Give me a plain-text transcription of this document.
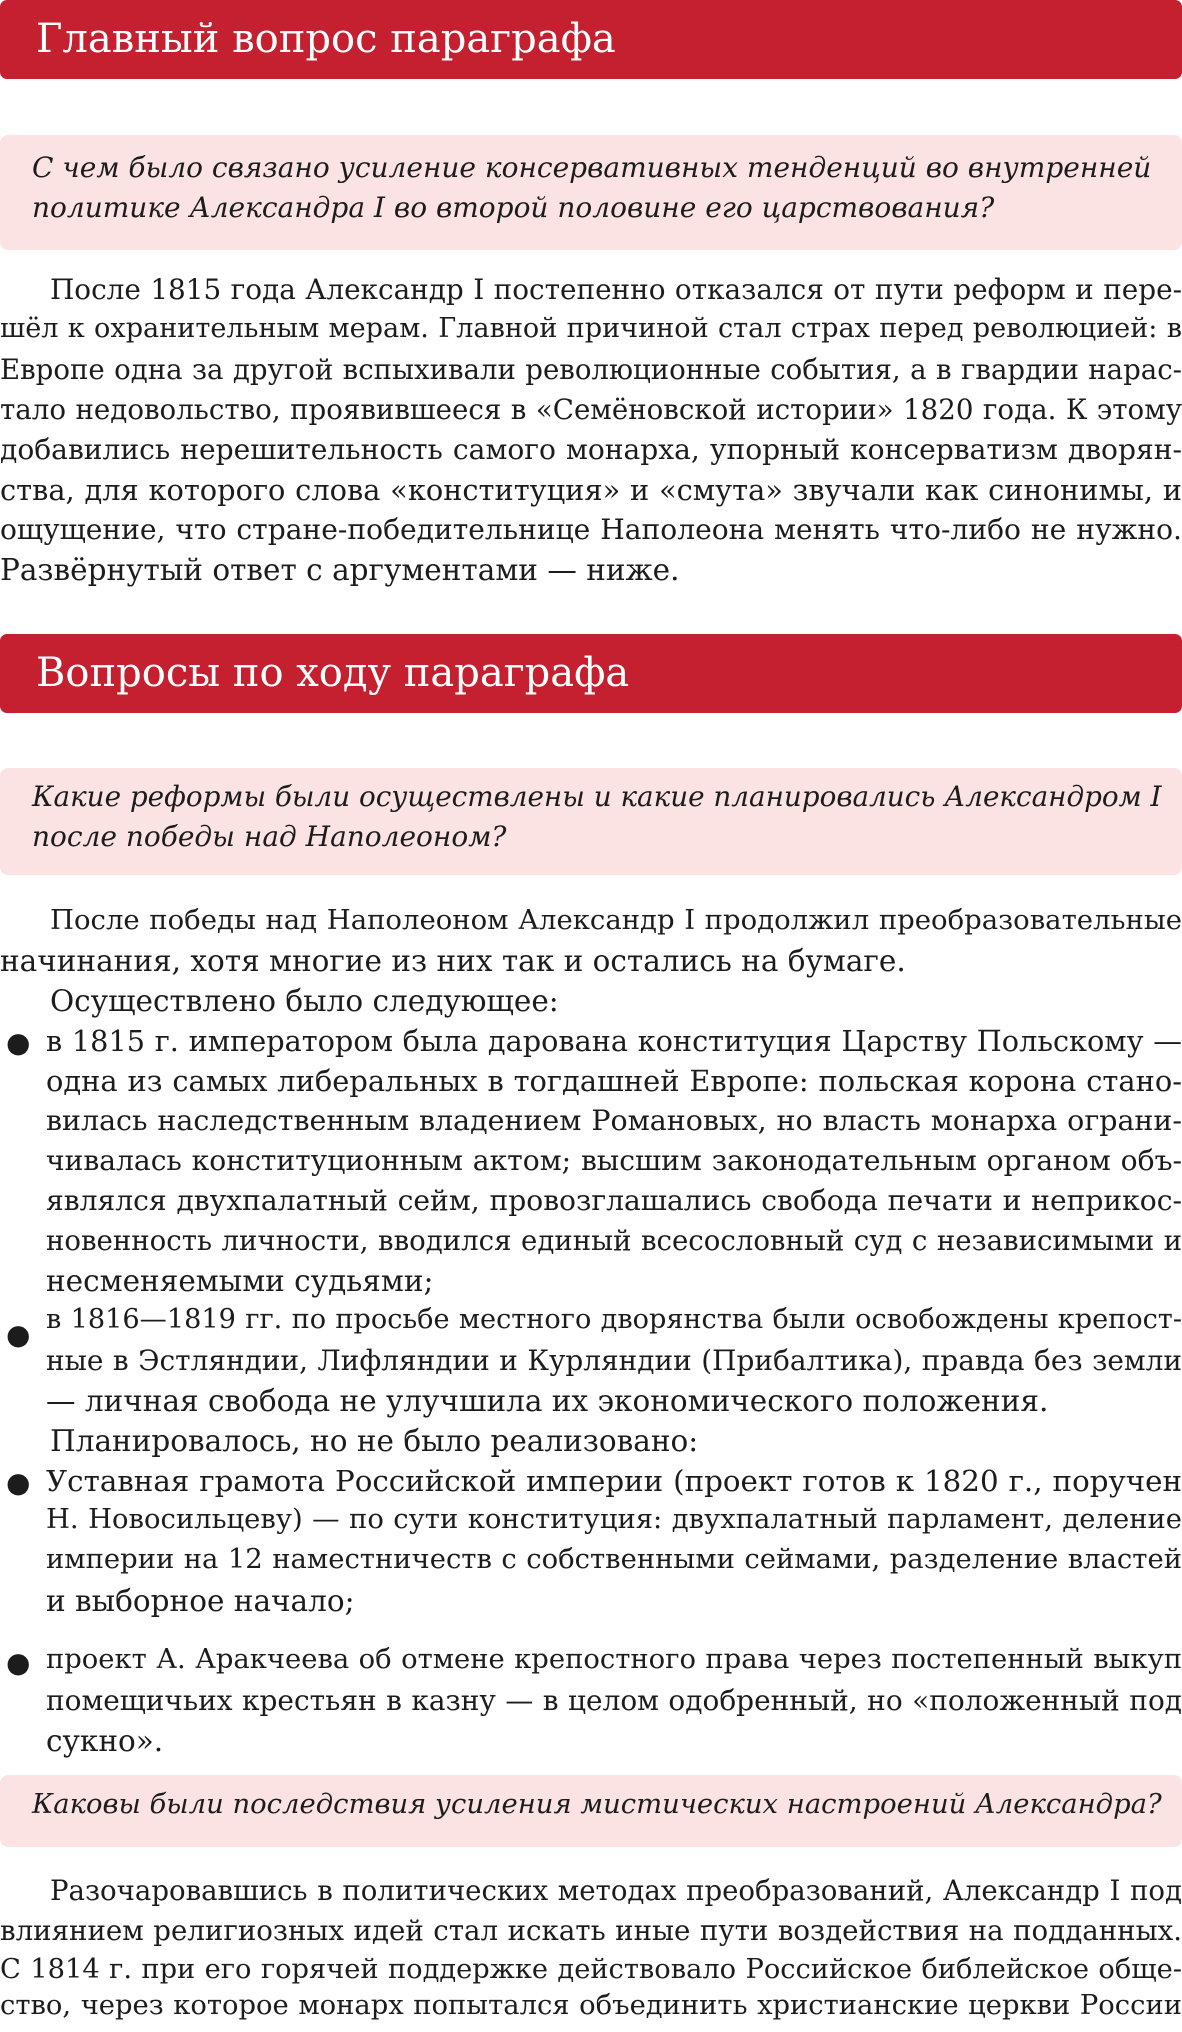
Главный вопрос параграфа
С чем было связано усиление консервативных тенденций во внутренней
политике Александра I во второй половине его царствования?
После 1815 года Александр I постепенно отказался от пути реформ и пере-
шёл к охранительным мерам. Главной причиной стал страх перед революцией: в
Европе одна за другой вспыхивали революционные события, а в гвардии нарас-
тало недовольство, проявившееся в «Семёновской истории» 1820 года. К этому
добавились нерешительность самого монарха, упорный консерватизм дворян-
ства, для которого слова «конституция» и «смута» звучали как синонимы, и
ощущение, что стране-победительнице Наполеона менять что-либо не нужно.
Развёрнутый ответ с аргументами — ниже.
Вопросы по ходу параграфа
Какие реформы были осуществлены и какие планировались Александром I
после победы над Наполеоном?
После победы над Наполеоном Александр I продолжил преобразовательные
начинания, хотя многие из них так и остались на бумаге.
Осуществлено было следующее:
● в 1815 г. императором была дарована конституция Царству Польскому —
одна из самых либеральных в тогдашней Европе: польская корона стано-
вилась наследственным владением Романовых, но власть монарха ограни-
чивалась конституционным актом; высшим законодательным органом объ-
являлся двухпалатный сейм, провозглашались свобода печати и неприкос-
новенность личности, вводился единый всесословный суд с независимыми и
несменяемыми судьями;
● в 1816—1819 гг. по просьбе местного дворянства были освобождены крепост-
ные в Эстляндии, Лифляндии и Курляндии (Прибалтика), правда без земли
— личная свобода не улучшила их экономического положения.
Планировалось, но не было реализовано:
● Уставная грамота Российской империи (проект готов к 1820 г., поручен
Н. Новосильцеву) — по сути конституция: двухпалатный парламент, деление
империи на 12 наместничеств с собственными сеймами, разделение властей
и выборное начало;
● проект А. Аракчеева об отмене крепостного права через постепенный выкуп
помещичьих крестьян в казну — в целом одобренный, но «положенный под
сукно».
Каковы были последствия усиления мистических настроений Александра?
Разочаровавшись в политических методах преобразований, Александр I под
влиянием религиозных идей стал искать иные пути воздействия на подданных.
С 1814 г. при его горячей поддержке действовало Российское библейское обще-
ство, через которое монарх попытался объединить христианские церкви России
